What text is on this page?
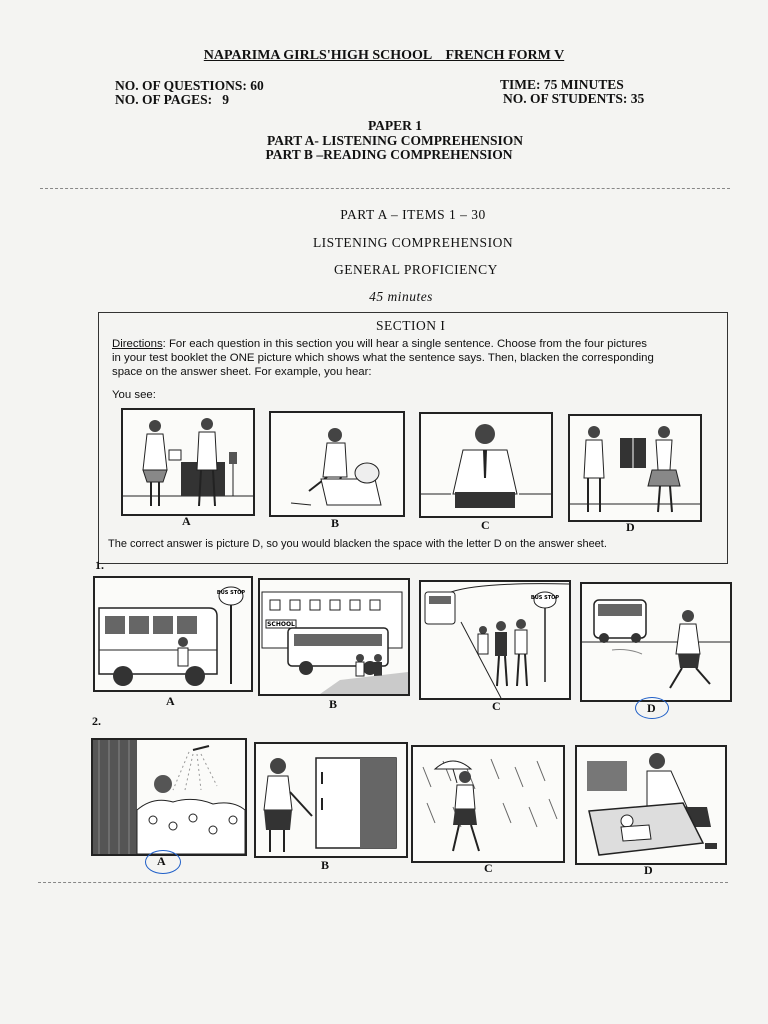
NAPARIMA GIRLS'HIGH SCHOOL    FRENCH FORM V
NO. OF QUESTIONS: 60
NO. OF PAGES:   9
TIME: 75 MINUTES
NO. OF STUDENTS: 35
PAPER 1
PART A- LISTENING COMPREHENSION
PART B –READING COMPREHENSION
PART A – ITEMS 1 – 30
LISTENING COMPREHENSION
GENERAL PROFICIENCY
45 minutes
SECTION I
Directions: For each question in this section you will hear a single sentence. Choose from the four pictures
in your test booklet the ONE picture which shows what the sentence says. Then, blacken the corresponding
space on the answer sheet. For example, you hear:
You see:
A	B	C	D
The correct answer is picture D, so you would blacken the space with the letter D on the answer sheet.
1.
BUS STOP
SCHOOL
BUS STOP
A	B	C	D
2.
A	B	C	D
